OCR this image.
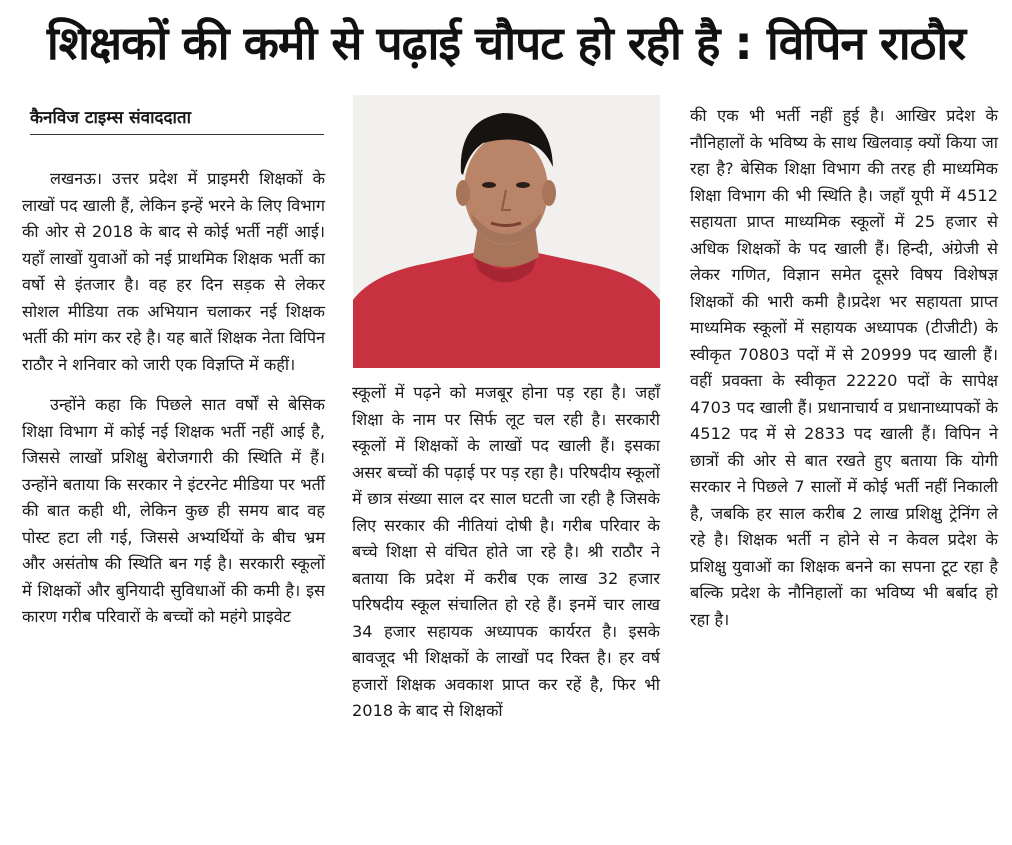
शिक्षकों की कमी से पढ़ाई चौपट हो रही है : विपिन राठौर
कैनविज टाइम्स संवाददाता

लखनऊ। उत्तर प्रदेश में प्राइमरी शिक्षकों के लाखों पद खाली हैं, लेकिन इन्हें भरने के लिए विभाग की ओर से 2018 के बाद से कोई भर्ती नहीं आई। यहाँ लाखों युवाओं को नई प्राथमिक शिक्षक भर्ती का वर्षो से इंतजार है। वह हर दिन सड़क से लेकर सोशल मीडिया तक अभियान चलाकर नई शिक्षक भर्ती की मांग कर रहे है। यह बातें शिक्षक नेता विपिन राठौर ने शनिवार को जारी एक विज्ञप्ति में कहीं।

उन्होंने कहा कि पिछले सात वर्षों से बेसिक शिक्षा विभाग में कोई नई शिक्षक भर्ती नहीं आई है, जिससे लाखों प्रशिक्षु बेरोजगारी की स्थिति में हैं। उन्होंने बताया कि सरकार ने इंटरनेट मीडिया पर भर्ती की बात कही थी, लेकिन कुछ ही समय बाद वह पोस्ट हटा ली गई, जिससे अभ्यर्थियों के बीच भ्रम और असंतोष की स्थिति बन गई है। सरकारी स्कूलों में शिक्षकों और बुनियादी सुविधाओं की कमी है। इस कारण गरीब परिवारों के बच्चों को महंगे प्राइवेट

स्कूलों में पढ़ने को मजबूर होना पड़ रहा है। जहाँ शिक्षा के नाम पर सिर्फ लूट चल रही है। सरकारी स्कूलों में शिक्षकों के लाखों पद खाली हैं। इसका असर बच्चों की पढ़ाई पर पड़ रहा है। परिषदीय स्कूलों में छात्र संख्या साल दर साल घटती जा रही है जिसके लिए सरकार की नीतियां दोषी है। गरीब परिवार के बच्चे शिक्षा से वंचित होते जा रहे है। श्री राठौर ने बताया कि प्रदेश में करीब एक लाख 32 हजार परिषदीय स्कूल संचालित हो रहे हैं। इनमें चार लाख 34 हजार सहायक अध्यापक कार्यरत है। इसके बावजूद भी शिक्षकों के लाखों पद रिक्त है। हर वर्ष हजारों शिक्षक अवकाश प्राप्त कर रहें है, फिर भी 2018 के बाद से शिक्षकों

की एक भी भर्ती नहीं हुई है। आखिर प्रदेश के नौनिहालों के भविष्य के साथ खिलवाड़ क्यों किया जा रहा है? बेसिक शिक्षा विभाग की तरह ही माध्यमिक शिक्षा विभाग की भी स्थिति है। जहाँ यूपी में 4512 सहायता प्राप्त माध्यमिक स्कूलों में 25 हजार से अधिक शिक्षकों के पद खाली हैं। हिन्दी, अंग्रेजी से लेकर गणित, विज्ञान समेत दूसरे विषय विशेषज्ञ शिक्षकों की भारी कमी है।प्रदेश भर सहायता प्राप्त माध्यमिक स्कूलों में सहायक अध्यापक (टीजीटी) के स्वीकृत 70803 पदों में से 20999 पद खाली हैं। वहीं प्रवक्ता के स्वीकृत 22220 पदों के सापेक्ष 4703 पद खाली हैं। प्रधानाचार्य व प्रधानाध्यापकों के 4512 पद में से 2833 पद खाली हैं। विपिन ने छात्रों की ओर से बात रखते हुए बताया कि योगी सरकार ने पिछले 7 सालों में कोई भर्ती नहीं निकाली है, जबकि हर साल करीब 2 लाख प्रशिक्षु ट्रेनिंग ले रहे है। शिक्षक भर्ती न होने से न केवल प्रदेश के प्रशिक्षु युवाओं का शिक्षक बनने का सपना टूट रहा है बल्कि प्रदेश के नौनिहालों का भविष्य भी बर्बाद हो रहा है।
